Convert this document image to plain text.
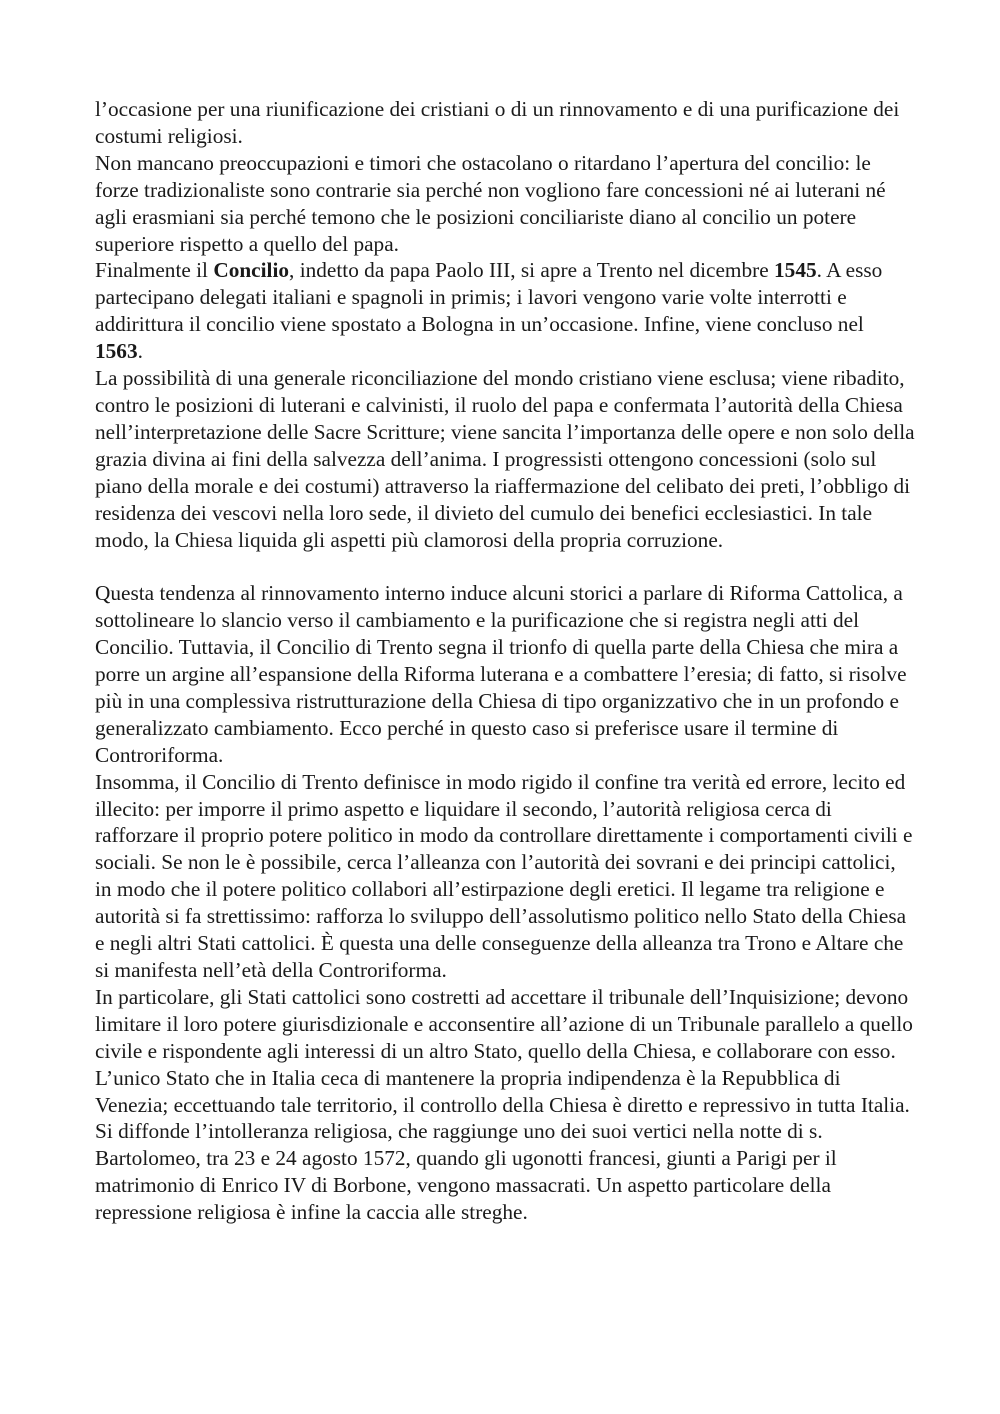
l’occasione per una riunificazione dei cristiani o di un rinnovamento e di una purificazione dei costumi religiosi.

Non mancano preoccupazioni e timori che ostacolano o ritardano l’apertura del concilio: le forze tradizionaliste sono contrarie sia perché non vogliono fare concessioni né ai luterani né agli erasmiani sia perché temono che le posizioni conciliariste diano al concilio un potere superiore rispetto a quello del papa.

Finalmente il Concilio, indetto da papa Paolo III, si apre a Trento nel dicembre 1545. A esso partecipano delegati italiani e spagnoli in primis; i lavori vengono varie volte interrotti e addirittura il concilio viene spostato a Bologna in un’occasione. Infine, viene concluso nel 1563.

La possibilità di una generale riconciliazione del mondo cristiano viene esclusa; viene ribadito, contro le posizioni di luterani e calvinisti, il ruolo del papa e confermata l’autorità della Chiesa nell’interpretazione delle Sacre Scritture; viene sancita l’importanza delle opere e non solo della grazia divina ai fini della salvezza dell’anima. I progressisti ottengono concessioni (solo sul piano della morale e dei costumi) attraverso la riaffermazione del celibato dei preti, l’obbligo di residenza dei vescovi nella loro sede, il divieto del cumulo dei benefici ecclesiastici. In tale modo, la Chiesa liquida gli aspetti più clamorosi della propria corruzione.

Questa tendenza al rinnovamento interno induce alcuni storici a parlare di Riforma Cattolica, a sottolineare lo slancio verso il cambiamento e la purificazione che si registra negli atti del Concilio. Tuttavia, il Concilio di Trento segna il trionfo di quella parte della Chiesa che mira a porre un argine all’espansione della Riforma luterana e a combattere l’eresia; di fatto, si risolve più in una complessiva ristrutturazione della Chiesa di tipo organizzativo che in un profondo e generalizzato cambiamento. Ecco perché in questo caso si preferisce usare il termine di Controriforma.

Insomma, il Concilio di Trento definisce in modo rigido il confine tra verità ed errore, lecito ed illecito: per imporre il primo aspetto e liquidare il secondo, l’autorità religiosa cerca di rafforzare il proprio potere politico in modo da controllare direttamente i comportamenti civili e sociali. Se non le è possibile, cerca l’alleanza con l’autorità dei sovrani e dei principi cattolici, in modo che il potere politico collabori all’estirpazione degli eretici. Il legame tra religione e autorità si fa strettissimo: rafforza lo sviluppo dell’assolutismo politico nello Stato della Chiesa e negli altri Stati cattolici. È questa una delle conseguenze della alleanza tra Trono e Altare che si manifesta nell’età della Controriforma.

In particolare, gli Stati cattolici sono costretti ad accettare il tribunale dell’Inquisizione; devono limitare il loro potere giurisdizionale e acconsentire all’azione di un Tribunale parallelo a quello civile e rispondente agli interessi di un altro Stato, quello della Chiesa, e collaborare con esso. L’unico Stato che in Italia ceca di mantenere la propria indipendenza è la Repubblica di Venezia; eccettuando tale territorio, il controllo della Chiesa è diretto e repressivo in tutta Italia.

Si diffonde l’intolleranza religiosa, che raggiunge uno dei suoi vertici nella notte di s. Bartolomeo, tra 23 e 24 agosto 1572, quando gli ugonotti francesi, giunti a Parigi per il matrimonio di Enrico IV di Borbone, vengono massacrati. Un aspetto particolare della repressione religiosa è infine la caccia alle streghe.
